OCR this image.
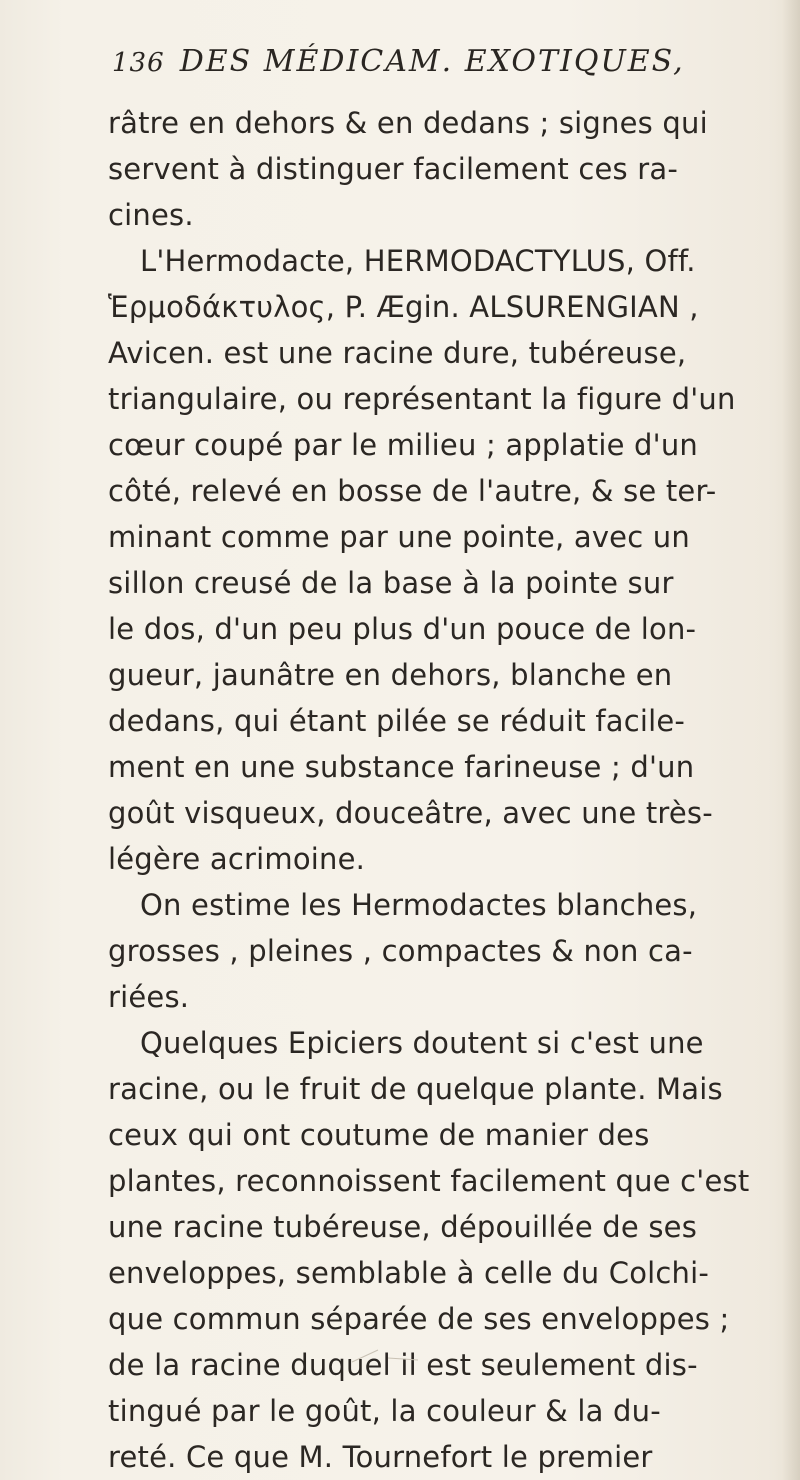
136 DES MÉDICAM. EXOTIQUES,
râtre en dehors & en dedans ; signes qui
servent à distinguer facilement ces ra-
cines.
L'Hermodacte, HERMODACTYLUS, Off.
Ἑρμοδάκτυλος, P. Ægin. ALSURENGIAN ,
Avicen. est une racine dure, tubéreuse,
triangulaire, ou représentant la figure d'un
cœur coupé par le milieu ; applatie d'un
côté, relevé en bosse de l'autre, & se ter-
minant comme par une pointe, avec un
sillon creusé de la base à la pointe sur
le dos, d'un peu plus d'un pouce de lon-
gueur, jaunâtre en dehors, blanche en
dedans, qui étant pilée se réduit facile-
ment en une substance farineuse ; d'un
goût visqueux, douceâtre, avec une très-
légère acrimoine.
On estime les Hermodactes blanches,
grosses , pleines , compactes & non ca-
riées.
Quelques Epiciers doutent si c'est une
racine, ou le fruit de quelque plante. Mais
ceux qui ont coutume de manier des
plantes, reconnoissent facilement que c'est
une racine tubéreuse, dépouillée de ses
enveloppes, semblable à celle du Colchi-
que commun séparée de ses enveloppes ;
de la racine duquel il est seulement dis-
tingué par le goût, la couleur & la du-
reté. Ce que M. Tournefort le premier
